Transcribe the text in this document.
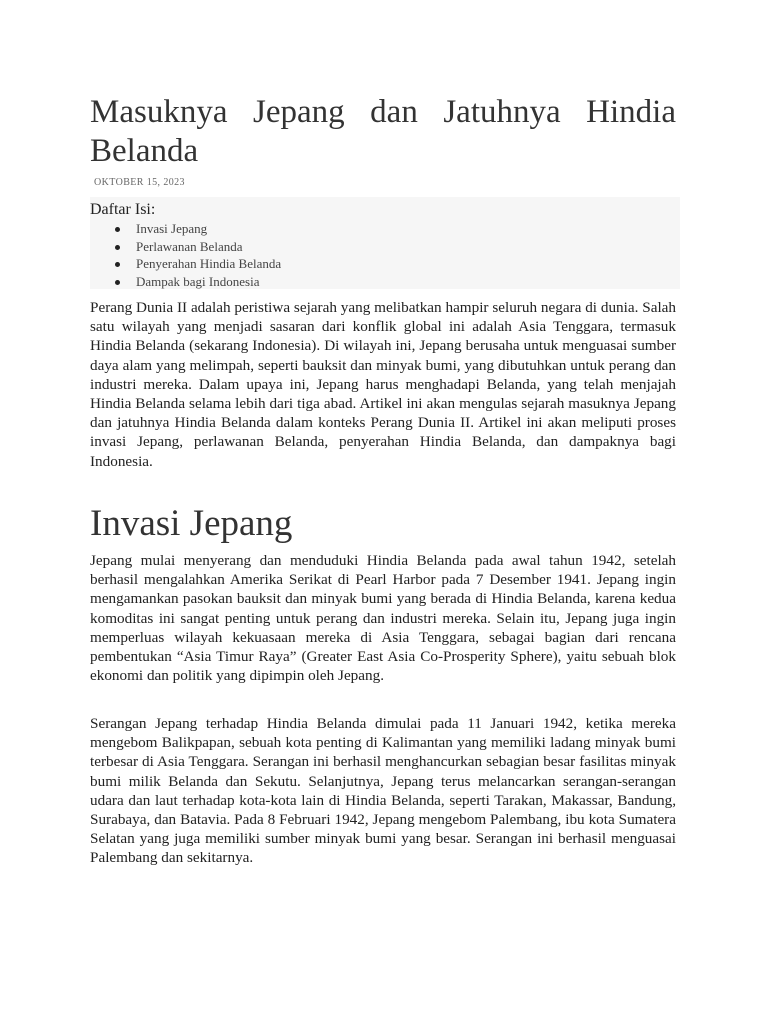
Masuknya Jepang dan Jatuhnya Hindia Belanda
OKTOBER 15, 2023
Daftar Isi:
Invasi Jepang
Perlawanan Belanda
Penyerahan Hindia Belanda
Dampak bagi Indonesia

Perang Dunia II adalah peristiwa sejarah yang melibatkan hampir seluruh negara di dunia. Salah satu wilayah yang menjadi sasaran dari konflik global ini adalah Asia Tenggara, termasuk Hindia Belanda (sekarang Indonesia). Di wilayah ini, Jepang berusaha untuk menguasai sumber daya alam yang melimpah, seperti bauksit dan minyak bumi, yang dibutuhkan untuk perang dan industri mereka. Dalam upaya ini, Jepang harus menghadapi Belanda, yang telah menjajah Hindia Belanda selama lebih dari tiga abad. Artikel ini akan mengulas sejarah masuknya Jepang dan jatuhnya Hindia Belanda dalam konteks Perang Dunia II. Artikel ini akan meliputi proses invasi Jepang, perlawanan Belanda, penyerahan Hindia Belanda, dan dampaknya bagi Indonesia.

Invasi Jepang

Jepang mulai menyerang dan menduduki Hindia Belanda pada awal tahun 1942, setelah berhasil mengalahkan Amerika Serikat di Pearl Harbor pada 7 Desember 1941. Jepang ingin mengamankan pasokan bauksit dan minyak bumi yang berada di Hindia Belanda, karena kedua komoditas ini sangat penting untuk perang dan industri mereka. Selain itu, Jepang juga ingin memperluas wilayah kekuasaan mereka di Asia Tenggara, sebagai bagian dari rencana pembentukan “Asia Timur Raya” (Greater East Asia Co-Prosperity Sphere), yaitu sebuah blok ekonomi dan politik yang dipimpin oleh Jepang.

Serangan Jepang terhadap Hindia Belanda dimulai pada 11 Januari 1942, ketika mereka mengebom Balikpapan, sebuah kota penting di Kalimantan yang memiliki ladang minyak bumi terbesar di Asia Tenggara. Serangan ini berhasil menghancurkan sebagian besar fasilitas minyak bumi milik Belanda dan Sekutu. Selanjutnya, Jepang terus melancarkan serangan-serangan udara dan laut terhadap kota-kota lain di Hindia Belanda, seperti Tarakan, Makassar, Bandung, Surabaya, dan Batavia. Pada 8 Februari 1942, Jepang mengebom Palembang, ibu kota Sumatera Selatan yang juga memiliki sumber minyak bumi yang besar. Serangan ini berhasil menguasai Palembang dan sekitarnya.
